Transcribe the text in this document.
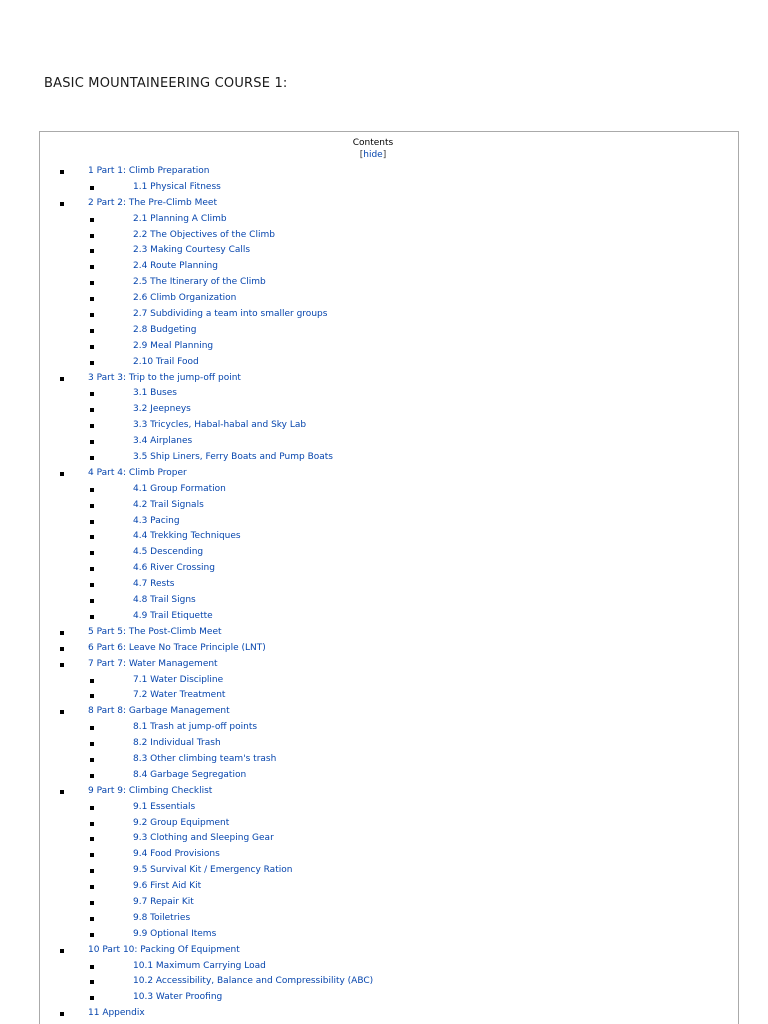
BASIC MOUNTAINEERING COURSE 1:
Contents
[hide]
1 Part 1: Climb Preparation
1.1 Physical Fitness
2 Part 2: The Pre-Climb Meet
2.1 Planning A Climb
2.2 The Objectives of the Climb
2.3 Making Courtesy Calls
2.4 Route Planning
2.5 The Itinerary of the Climb
2.6 Climb Organization
2.7 Subdividing a team into smaller groups
2.8 Budgeting
2.9 Meal Planning
2.10 Trail Food
3 Part 3: Trip to the jump-off point
3.1 Buses
3.2 Jeepneys
3.3 Tricycles, Habal-habal and Sky Lab
3.4 Airplanes
3.5 Ship Liners, Ferry Boats and Pump Boats
4 Part 4: Climb Proper
4.1 Group Formation
4.2 Trail Signals
4.3 Pacing
4.4 Trekking Techniques
4.5 Descending
4.6 River Crossing
4.7 Rests
4.8 Trail Signs
4.9 Trail Etiquette
5 Part 5: The Post-Climb Meet
6 Part 6: Leave No Trace Principle (LNT)
7 Part 7: Water Management
7.1 Water Discipline
7.2 Water Treatment
8 Part 8: Garbage Management
8.1 Trash at jump-off points
8.2 Individual Trash
8.3 Other climbing team's trash
8.4 Garbage Segregation
9 Part 9: Climbing Checklist
9.1 Essentials
9.2 Group Equipment
9.3 Clothing and Sleeping Gear
9.4 Food Provisions
9.5 Survival Kit / Emergency Ration
9.6 First Aid Kit
9.7 Repair Kit
9.8 Toiletries
9.9 Optional Items
10 Part 10: Packing Of Equipment
10.1 Maximum Carrying Load
10.2 Accessibility, Balance and Compressibility (ABC)
10.3 Water Proofing
11 Appendix
